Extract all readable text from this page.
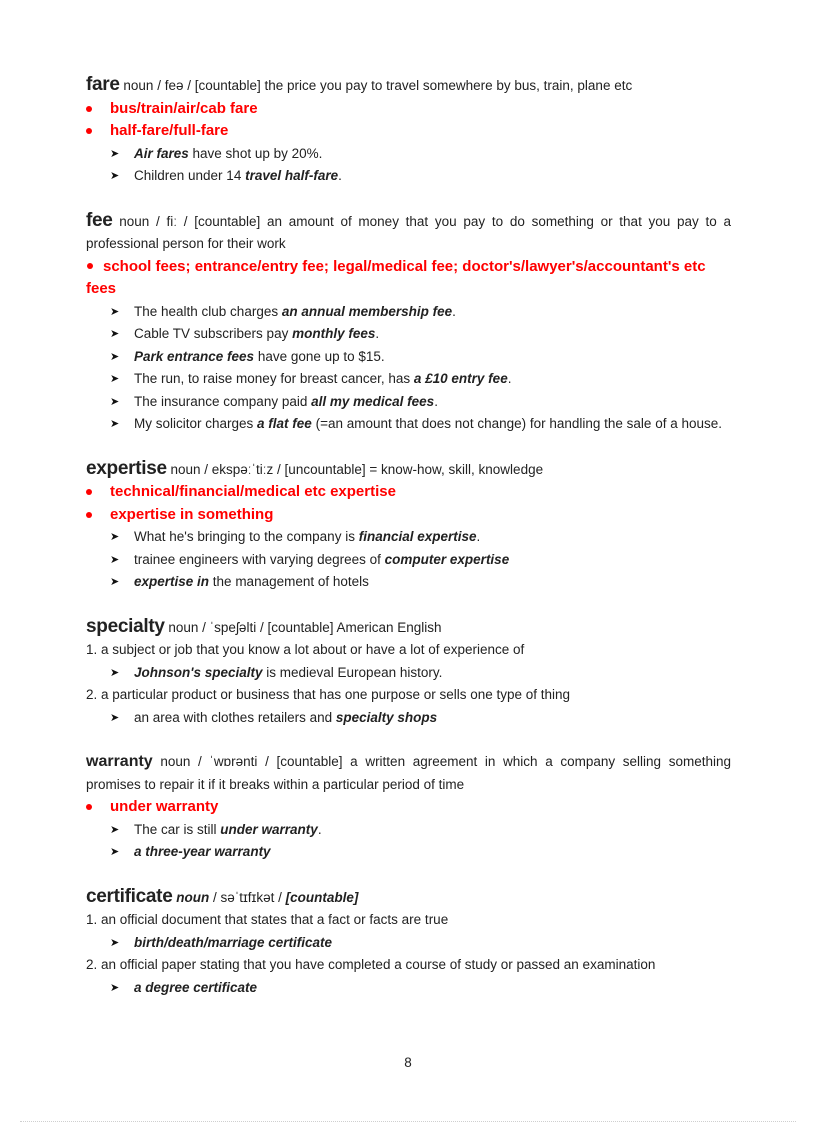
fare noun / feə / [countable] the price you pay to travel somewhere by bus, train, plane etc
bus/train/air/cab fare
half-fare/full-fare
➤ Air fares have shot up by 20%.
➤ Children under 14 travel half-fare.
fee noun / fiː / [countable] an amount of money that you pay to do something or that you pay to a professional person for their work
school fees; entrance/entry fee; legal/medical fee; doctor's/lawyer's/accountant's etc fees
➤ The health club charges an annual membership fee.
➤ Cable TV subscribers pay monthly fees.
➤ Park entrance fees have gone up to $15.
➤ The run, to raise money for breast cancer, has a £10 entry fee.
➤ The insurance company paid all my medical fees.
➤ My solicitor charges a flat fee (=an amount that does not change) for handling the sale of a house.
expertise noun / ekspəːˈtiːz / [uncountable] = know-how, skill, knowledge
technical/financial/medical etc expertise
expertise in something
➤ What he's bringing to the company is financial expertise.
➤ trainee engineers with varying degrees of computer expertise
➤ expertise in the management of hotels
specialty noun / ˈspeʃəlti / [countable] American English
1. a subject or job that you know a lot about or have a lot of experience of
➤ Johnson's specialty is medieval European history.
2. a particular product or business that has one purpose or sells one type of thing
➤ an area with clothes retailers and specialty shops
warranty noun / ˈwɒrənti / [countable] a written agreement in which a company selling something promises to repair it if it breaks within a particular period of time
under warranty
➤ The car is still under warranty.
➤ a three-year warranty
certificate noun / səˈtɪfɪkət / [countable]
1. an official document that states that a fact or facts are true
➤ birth/death/marriage certificate
2. an official paper stating that you have completed a course of study or passed an examination
➤ a degree certificate
8
